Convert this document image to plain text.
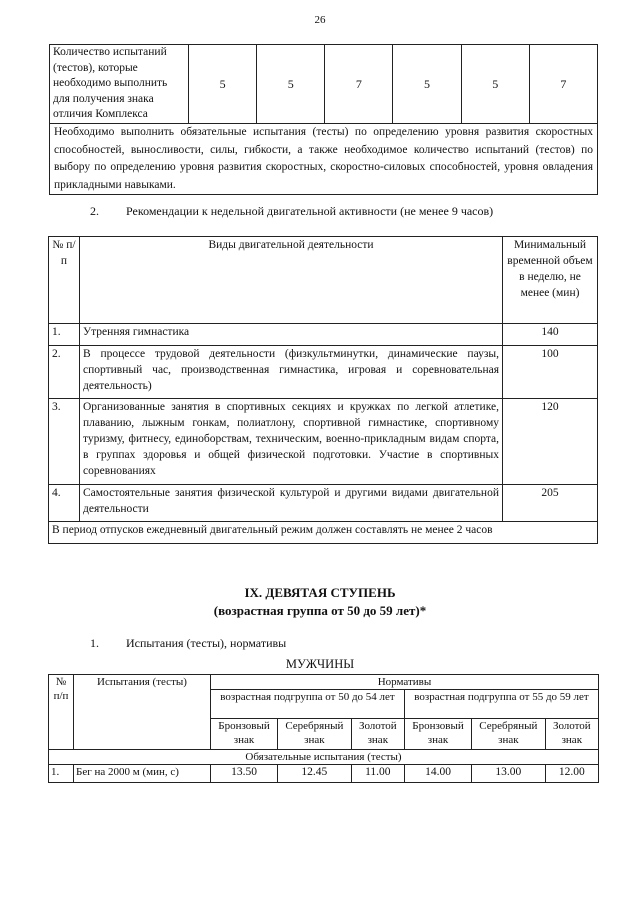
26
Количество испытаний (тестов), которые необходимо выполнить для получения знака отличия Комплекса	5	5	7	5	5	7
Необходимо выполнить обязательные испытания (тесты) по определению уровня развития скоростных способностей, выносливости, силы, гибкости, а также необходимое количество испытаний (тестов) по выбору по определению уровня развития скоростных, скоростно-силовых способностей, уровня овладения прикладными навыками.
2. Рекомендации к недельной двигательной активности (не менее 9 часов)
№ п/п	Виды двигательной деятельности	Минимальный временной объем в неделю, не менее (мин)
1.	Утренняя гимнастика	140
2.	В процессе трудовой деятельности (физкультминутки, динамические паузы, спортивный час, производственная гимнастика, игровая и соревновательная деятельность)	100
3.	Организованные занятия в спортивных секциях и кружках по легкой атлетике, плаванию, лыжным гонкам, полиатлону, спортивной гимнастике, спортивному туризму, фитнесу, единоборствам, техническим, военно-прикладным видам спорта, в группах здоровья и общей физической подготовки. Участие в спортивных соревнованиях	120
4.	Самостоятельные занятия физической культурой и другими видами двигательной деятельности	205
В период отпусков ежедневный двигательный режим должен составлять не менее 2 часов		
IX. ДЕВЯТАЯ СТУПЕНЬ
(возрастная группа от 50 до 59 лет)*
1. Испытания (тесты), нормативы
МУЖЧИНЫ
№ п/п	Испытания (тесты)	Нормативы					
		возрастная подгруппа от 50 до 54 лет			возрастная подгруппа от 55 до 59 лет		
		Бронзовый знак	Серебряный знак	Золотой знак	Бронзовый знак	Серебряный знак	Золотой знак
Обязательные испытания (тесты)							
1.	Бег на 2000 м (мин, с)	13.50	12.45	11.00	14.00	13.00	12.00
